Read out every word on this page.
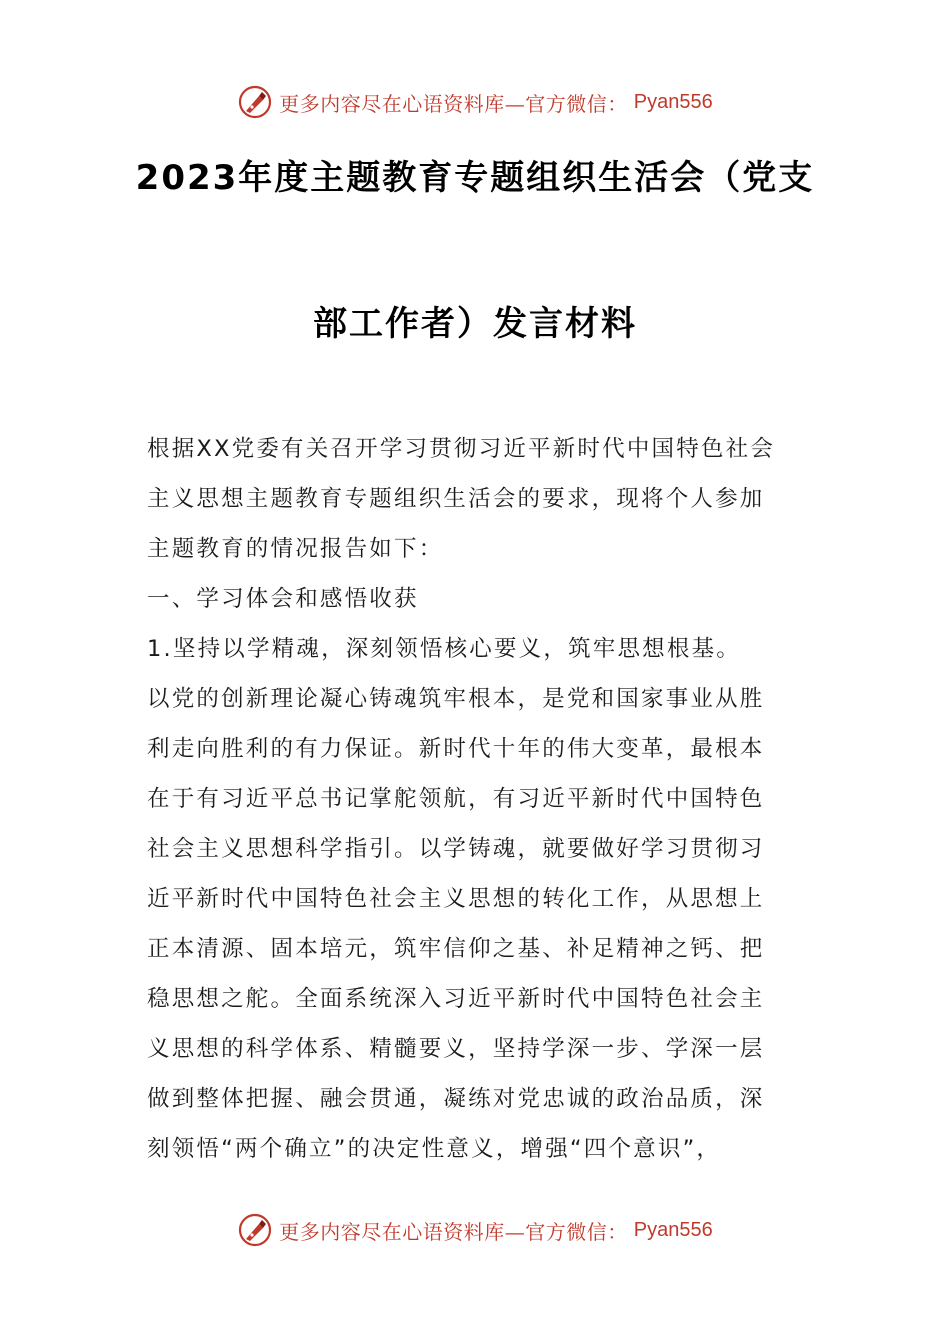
更多内容尽在心语资料库—官方微信： Pyan556
2023年度主题教育专题组织生活会（党支
部工作者）发言材料
根据XX党委有关召开学习贯彻习近平新时代中国特色社会
主义思想主题教育专题组织生活会的要求，现将个人参加
主题教育的情况报告如下：
一、学习体会和感悟收获
1.坚持以学精魂，深刻领悟核心要义，筑牢思想根基。
以党的创新理论凝心铸魂筑牢根本，是党和国家事业从胜
利走向胜利的有力保证。新时代十年的伟大变革，最根本
在于有习近平总书记掌舵领航，有习近平新时代中国特色
社会主义思想科学指引。以学铸魂，就要做好学习贯彻习
近平新时代中国特色社会主义思想的转化工作，从思想上
正本清源、固本培元，筑牢信仰之基、补足精神之钙、把
稳思想之舵。全面系统深入习近平新时代中国特色社会主
义思想的科学体系、精髓要义，坚持学深一步、学深一层
做到整体把握、融会贯通，凝练对党忠诚的政治品质，深
刻领悟“两个确立”的决定性意义，增强“四个意识”，
更多内容尽在心语资料库—官方微信： Pyan556
